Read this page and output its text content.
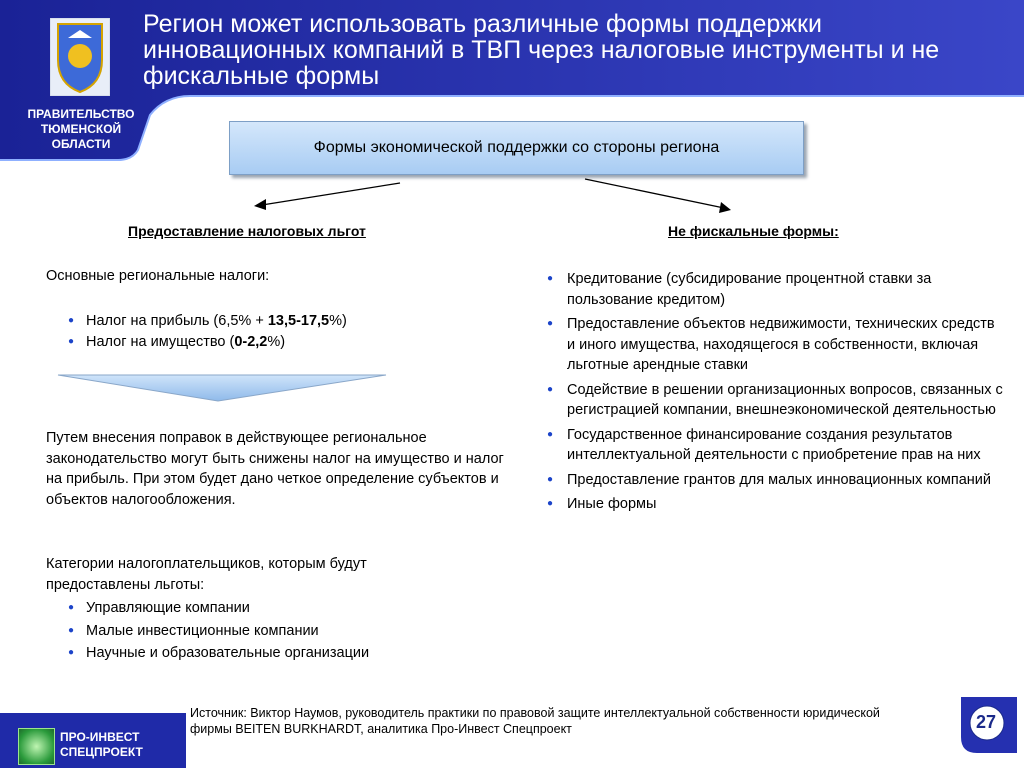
Регион может использовать различные формы поддержки инновационных компаний в ТВП через налоговые инструменты и не фискальные формы
ПРАВИТЕЛЬСТВО
ТЮМЕНСКОЙ
ОБЛАСТИ	Формы экономической поддержки со стороны региона
Предоставление налоговых льгот
Основные региональные налоги:
● Налог на прибыль (6,5% + 13,5-17,5%)
● Налог на имущество (0-2,2%)
Путем внесения поправок в действующее региональное законодательство могут быть снижены налог на имущество и налог на прибыль. При этом будет дано четкое определение субъектов и объектов налогообложения.
Категории налогоплательщиков, которым будут предоставлены льготы:
● Управляющие компании
● Малые инвестиционные компании
● Научные и образовательные организации
Не фискальные формы:
● Кредитование (субсидирование процентной ставки за пользование кредитом)
● Предоставление объектов недвижимости, технических средств и иного имущества, находящегося в собственности, включая льготные арендные ставки
● Содействие в решении организационных вопросов, связанных с регистрацией компании, внешнеэкономической деятельностью
● Государственное финансирование создания результатов интеллектуальной деятельности с приобретение прав на них
● Предоставление грантов для малых инновационных компаний
● Иные формы
ПРО-ИНВЕСТ
СПЕЦПРОЕКТ
Источник: Виктор Наумов, руководитель практики по правовой защите интеллектуальной собственности юридической фирмы BEITEN BURKHARDT, аналитика Про-Инвест Спецпроект	27
